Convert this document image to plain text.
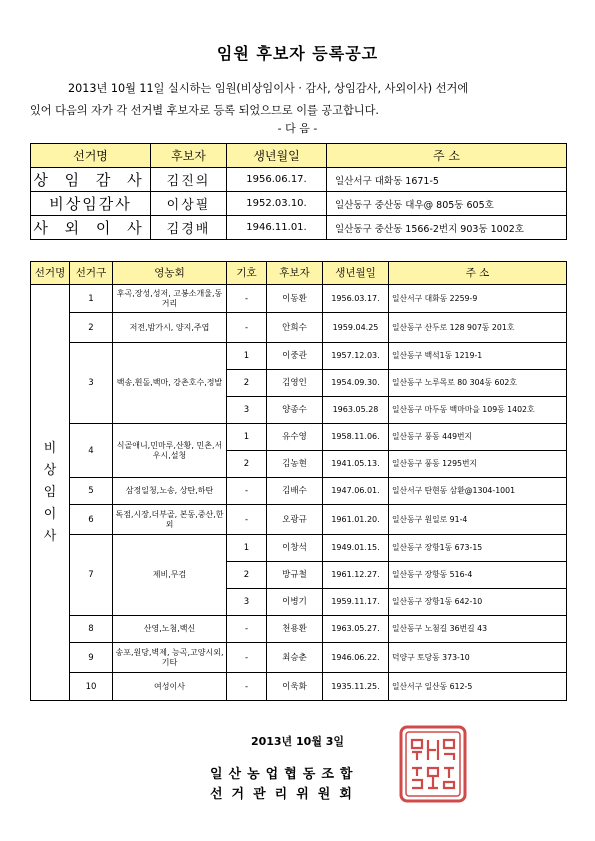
임원 후보자 등록공고
2013년 10월 11일 실시하는 임원(비상임이사 · 감사, 상임감사, 사외이사) 선거에
있어 다음의 자가 각 선거별 후보자로 등록 되었으므로 이를 공고합니다.
- 다 음 -
선거명	후보자	생년월일	주 소
상 임 감 사	김진의	1956.06.17.	일산서구 대화동 1671-5
비상임감사	이상필	1952.03.10.	일산동구 중산동 대우@ 805동 605호
사 외 이 사	김경배	1946.11.01.	일산동구 중산동 1566-2번지 903동 1002호
선거명	선거구	영농회	기호	후보자	생년월일	주 소

비 상 임 이 사	1	후곡,장성,성저, 고봉소개울,동거리	-	이동환	1956.03.17.	일산서구 대화동 2259-9
	2	저전,밤가시, 양지,주엽	-	안희수	1959.04.25	일산동구 산두로 128 907동 201호
	3	백송,휜돌,백마, 강촌호수,정발	1	이중관	1957.12.03.	일산동구 백석1동 1219-1
			2	김영인	1954.09.30.	일산동구 노루목로 80 304동 602호
			3	양종수	1963.05.28	일산동구 마두동 백마마을 109동 1402호
	4	식골애니,민마루,산황, 민촌,서우시,설청	1	유수영	1958.11.06.	일산동구 풍동 449번지
			2	김농현	1941.05.13.	일산동구 풍동 1295번지
	5	삼정일청,노송, 상탄,하탄	-	김배수	1947.06.01.	일산서구 탄현동 삼환@1304-1001
	6	독점,시장,더부골, 본동,중산,한외	-	오광규	1961.01.20.	일산동구 원일로 91-4
	7	제비,무검	1	이창석	1949.01.15.	일산동구 장항1동 673-15
			2	방규철	1961.12.27.	일산동구 장항동 516-4
			3	이병기	1959.11.17.	일산동구 장항1동 642-10
	8	산영,노첨,백신	-	천용환	1963.05.27.	일산동구 노첨길 36번길 43
	9	송포,원당,벽제, 능곡,고양시외,기타	-	최승춘	1946.06.22.	덕양구 토당동 373-10
	10	여성이사	-	이욱화	1935.11.25.	일산서구 일산동 612-5
2013년 10월 3일
일산농업협동조합
선거관리위원회
